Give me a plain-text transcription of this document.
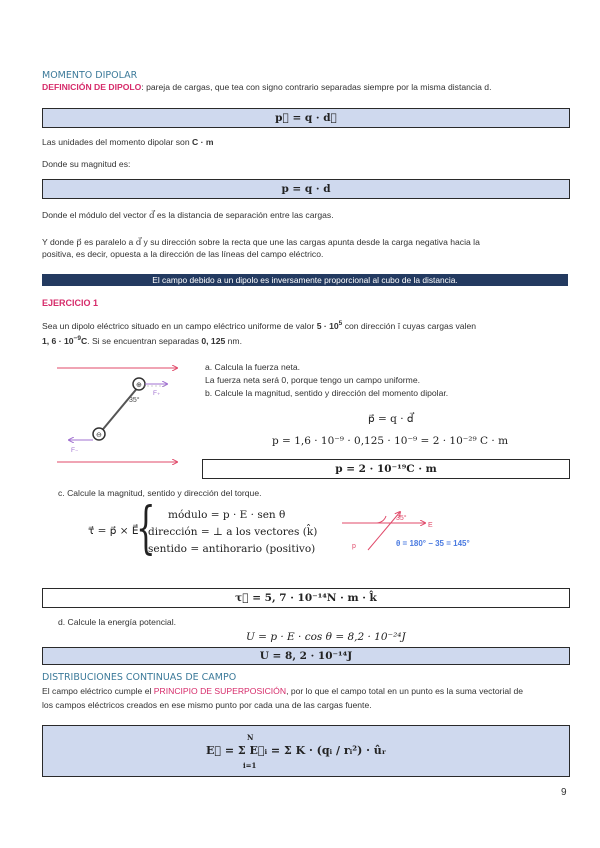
MOMENTO DIPOLAR
DEFINICIÓN DE DIPOLO: pareja de cargas, que tea con signo contrario separadas siempre por la misma distancia d.
p⃗ = q · d⃗
Las unidades del momento dipolar son C · m
Donde su magnitud es:
p = q · d
Donde el módulo del vector d⃗ es la distancia de separación entre las cargas.
Y donde p⃗ es paralelo a d⃗ y su dirección sobre la recta que une las cargas apunta desde la carga negativa hacia la
positiva, es decir, opuesta a la dirección de las líneas del campo eléctrico.
El campo debido a un dipolo es inversamente proporcional al cubo de la distancia.
EJERCICIO 1
Sea un dipolo eléctrico situado en un campo eléctrico uniforme de valor $5 \cdot 10^5$ con dirección î cuyas cargas valen
1, $6 \cdot 10^{-9}C$. Si se encuentran separadas 0, 125 nm.
⊕
⊖
F₊
F₋
35°
a. Calcula la fuerza neta.
La fuerza neta será 0, porque tengo un campo uniforme.
b. Calcule la magnitud, sentido y dirección del momento dipolar.
p⃗ = q · d⃗
p = 1,6 · 10⁻⁹ · 0,125 · 10⁻⁹ = 2 · 10⁻²⁹ C · m
p = 2 · 10⁻¹⁹C · m
c. Calcule la magnitud, sentido y dirección del torque.
τ⃗ = p⃗ × E⃗
{ módulo = p · E · sen θ
dirección = ⊥ a los vectores (k̂)
sentido = antihorario (positivo)
35°
E
p	θ = 180° − 35 = 145°
τ⃗ = 5, 7 · 10⁻¹⁴N · m · k̂
d. Calcule la energía potencial.
U = p · E · cos θ = 8,2 · 10⁻²⁴J
U = 8, 2 · 10⁻¹⁴J
DISTRIBUCIONES CONTINUAS DE CAMPO
El campo eléctrico cumple el PRINCIPIO DE SUPERPOSICIÓN, por lo que el campo total en un punto es la suma vectorial de
los campos eléctricos creados en ese mismo punto por cada una de las cargas fuente.
N
i=1
E⃗ = Σ E⃗ᵢ = Σ K · (qᵢ / rᵢ²) · ûᵣ
9
